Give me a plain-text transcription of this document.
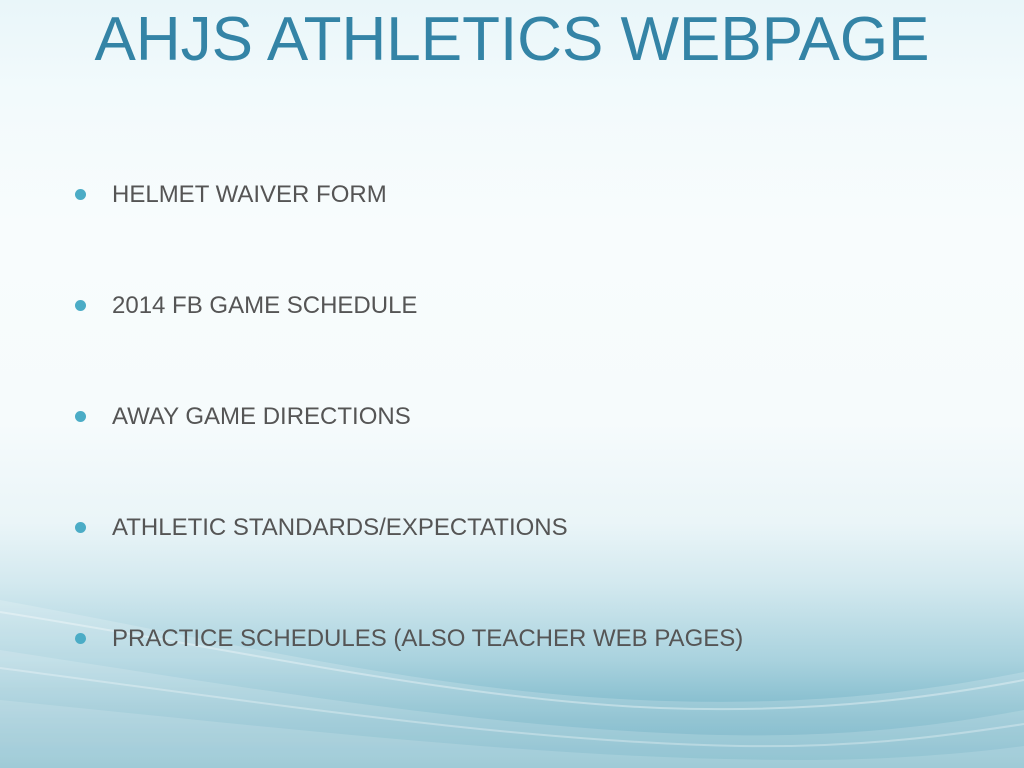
AHJS ATHLETICS WEBPAGE
HELMET WAIVER FORM
2014 FB GAME SCHEDULE
AWAY GAME DIRECTIONS
ATHLETIC STANDARDS/EXPECTATIONS
PRACTICE SCHEDULES (ALSO TEACHER WEB PAGES)
